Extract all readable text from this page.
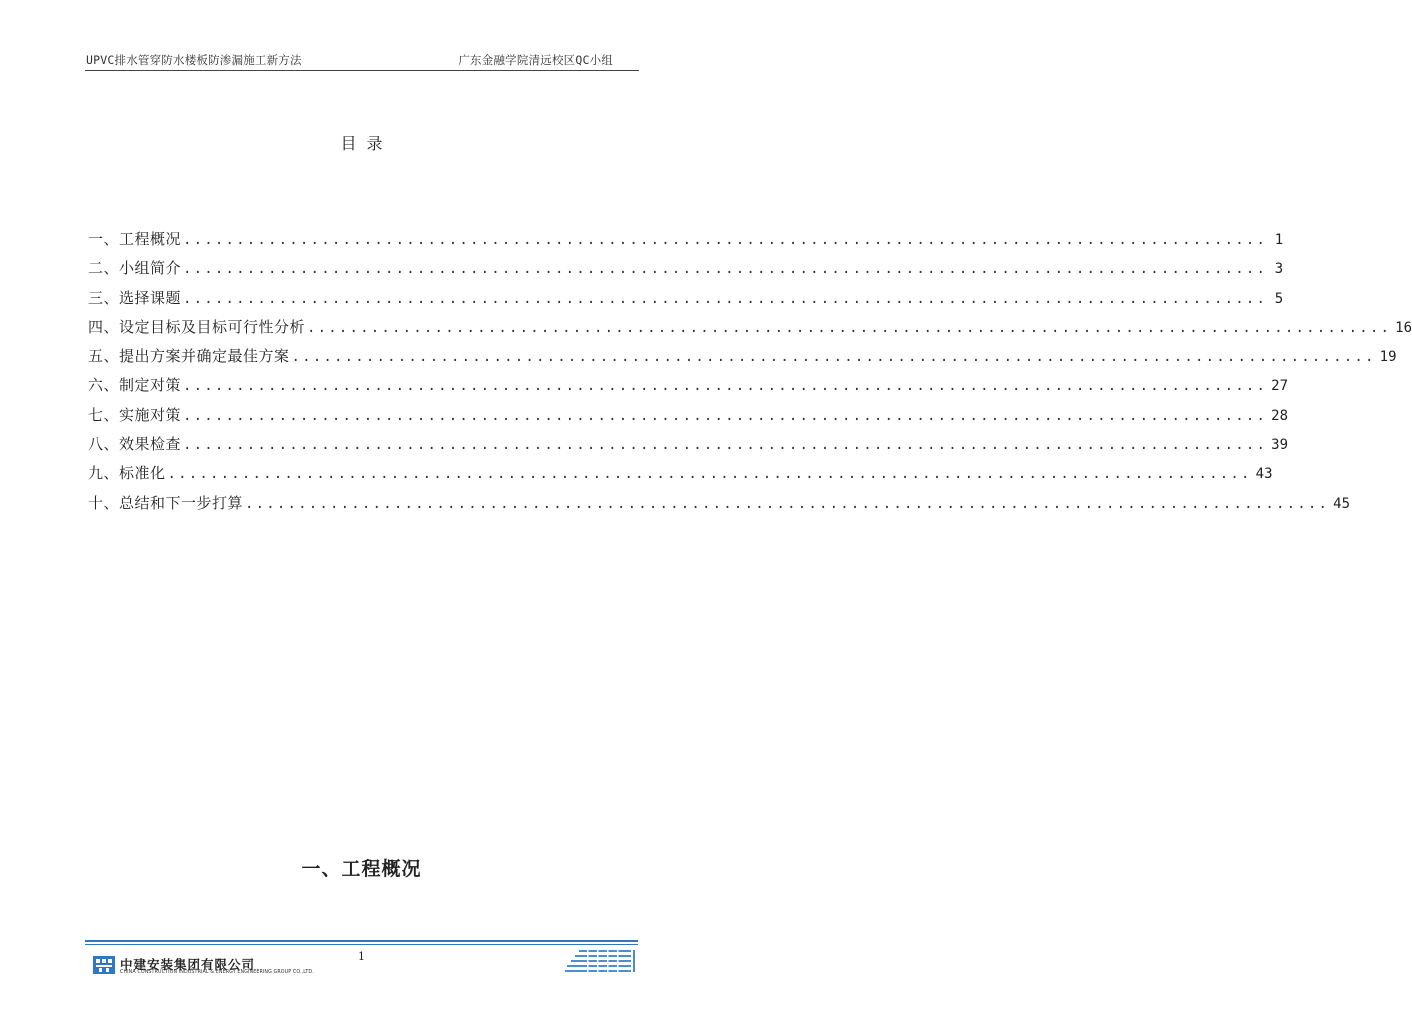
UPVC排水管穿防水楼板防渗漏施工新方法	广东金融学院清远校区QC小组
目录
一、工程概况 ...................................................................................................... 1
二、小组简介 ...................................................................................................... 3
三、选择课题 ...................................................................................................... 5
四、设定目标及目标可行性分析 ...................................................................................................... 16
五、提出方案并确定最佳方案 ...................................................................................................... 19
六、制定对策 ...................................................................................................... 27
七、实施对策 ...................................................................................................... 28
八、效果检查 ...................................................................................................... 39
九、标准化 ...................................................................................................... 43
十、总结和下一步打算 ...................................................................................................... 45
一、工程概况
1
中建安装集团有限公司
CHINA CONSTRUCTION INDUSTRIAL & ENERGY ENGINEERING GROUP CO.,LTD.
